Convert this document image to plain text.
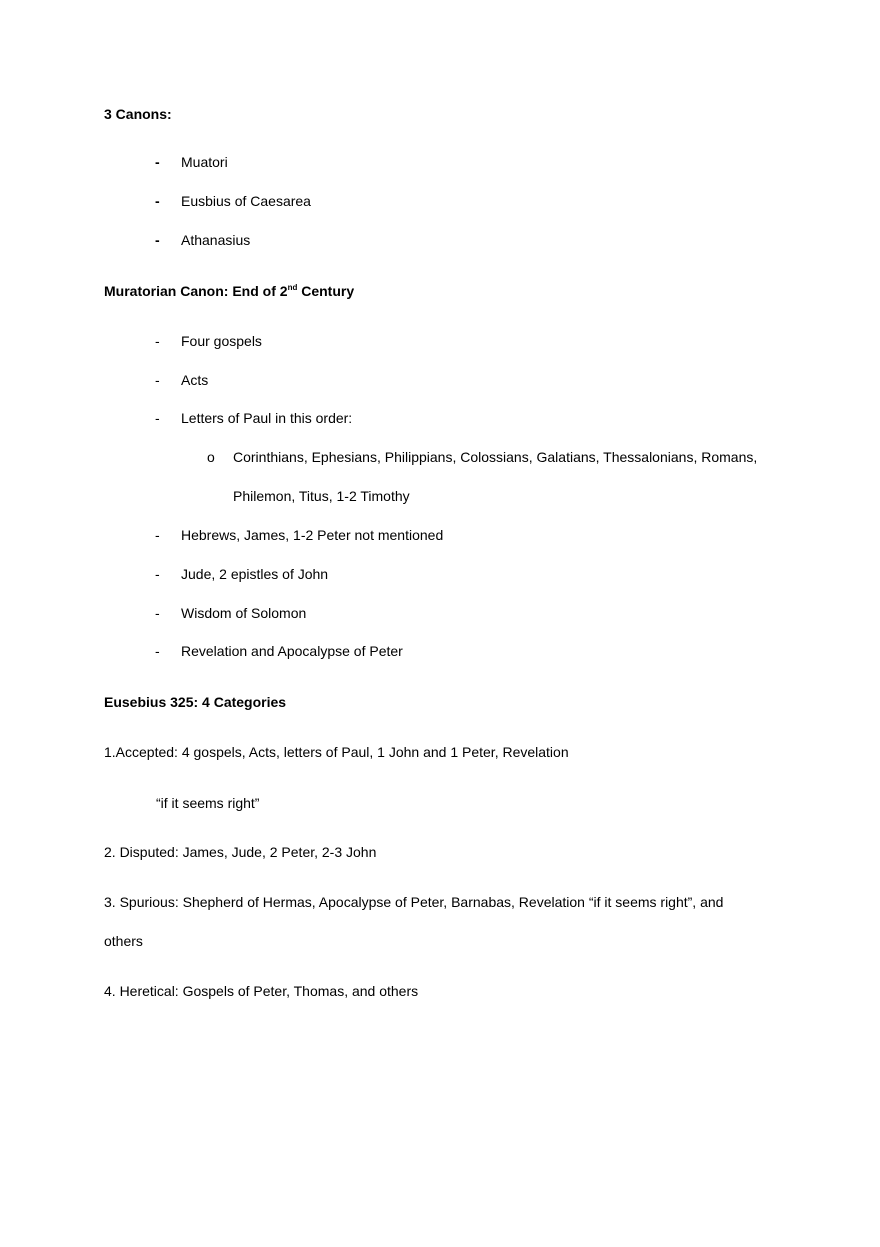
3 Canons:
- Muatori
- Eusbius of Caesarea
- Athanasius
Muratorian Canon: End of 2nd Century
- Four gospels
- Acts
- Letters of Paul in this order:
o Corinthians, Ephesians, Philippians, Colossians, Galatians, Thessalonians, Romans,
Philemon, Titus, 1-2 Timothy
- Hebrews, James, 1-2 Peter not mentioned
- Jude, 2 epistles of John
- Wisdom of Solomon
- Revelation and Apocalypse of Peter
Eusebius 325: 4 Categories
1.Accepted: 4 gospels, Acts, letters of Paul, 1 John and 1 Peter, Revelation
“if it seems right”
2. Disputed: James, Jude, 2 Peter, 2-3 John
3. Spurious: Shepherd of Hermas, Apocalypse of Peter, Barnabas, Revelation “if it seems right”, and
others
4. Heretical: Gospels of Peter, Thomas, and others
